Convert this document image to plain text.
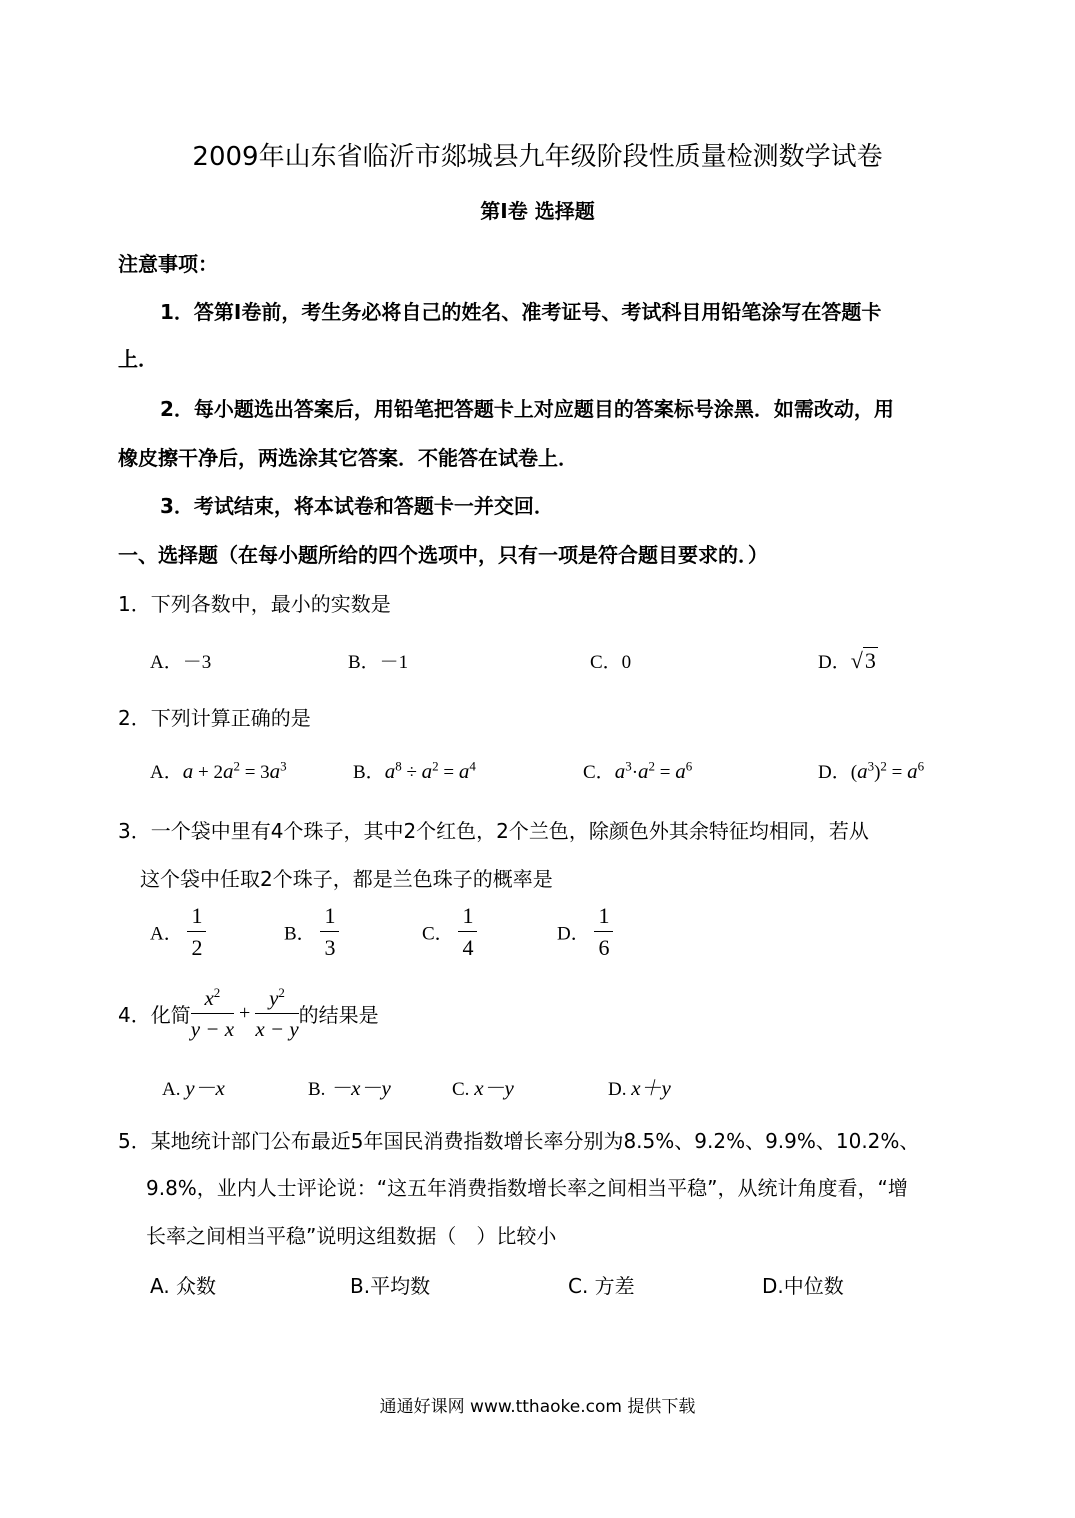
2009年山东省临沂市郯城县九年级阶段性质量检测数学试卷
第Ⅰ卷 选择题
注意事项：
1．答第Ⅰ卷前，考生务必将自己的姓名、准考证号、考试科目用铅笔涂写在答题卡
上．
2．每小题选出答案后，用铅笔把答题卡上对应题目的答案标号涂黑．如需改动，用
橡皮擦干净后，两选涂其它答案．不能答在试卷上．
3．考试结束，将本试卷和答题卡一并交回．
一、选择题（在每小题所给的四个选项中，只有一项是符合题目要求的．）
1．下列各数中，最小的实数是
A．－3	B．－1	C．0	D．√3
2．下列计算正确的是
A．$a + 2a^2 = 3a^3$	B．$a^8 \div a^2 = a^4$	C．$a^3\cdot a^2 = a^6$	D．$(a^3)^2 = a^6$
3．一个袋中里有4个珠子，其中2个红色，2个兰色，除颜色外其余特征均相同，若从
这个袋中任取2个珠子，都是兰色珠子的概率是
A． $\frac{1}{2}$	B． $\frac{1}{3}$	C． $\frac{1}{4}$	D． $\frac{1}{6}$
4．化简 $\frac{x^2}{y - x} + \frac{y^2}{x - y}$ 的结果是
A. y－x	B. －x－y	C. x－y	D. x＋y
5．某地统计部门公布最近5年国民消费指数增长率分别为8.5%、9.2%、9.9%、10.2%、
9.8%，业内人士评论说：“这五年消费指数增长率之间相当平稳”，从统计角度看，“增
长率之间相当平稳”说明这组数据（　）比较小
A. 众数	B.平均数	C. 方差	D.中位数
通通好课网 www.tthaoke.com 提供下载
